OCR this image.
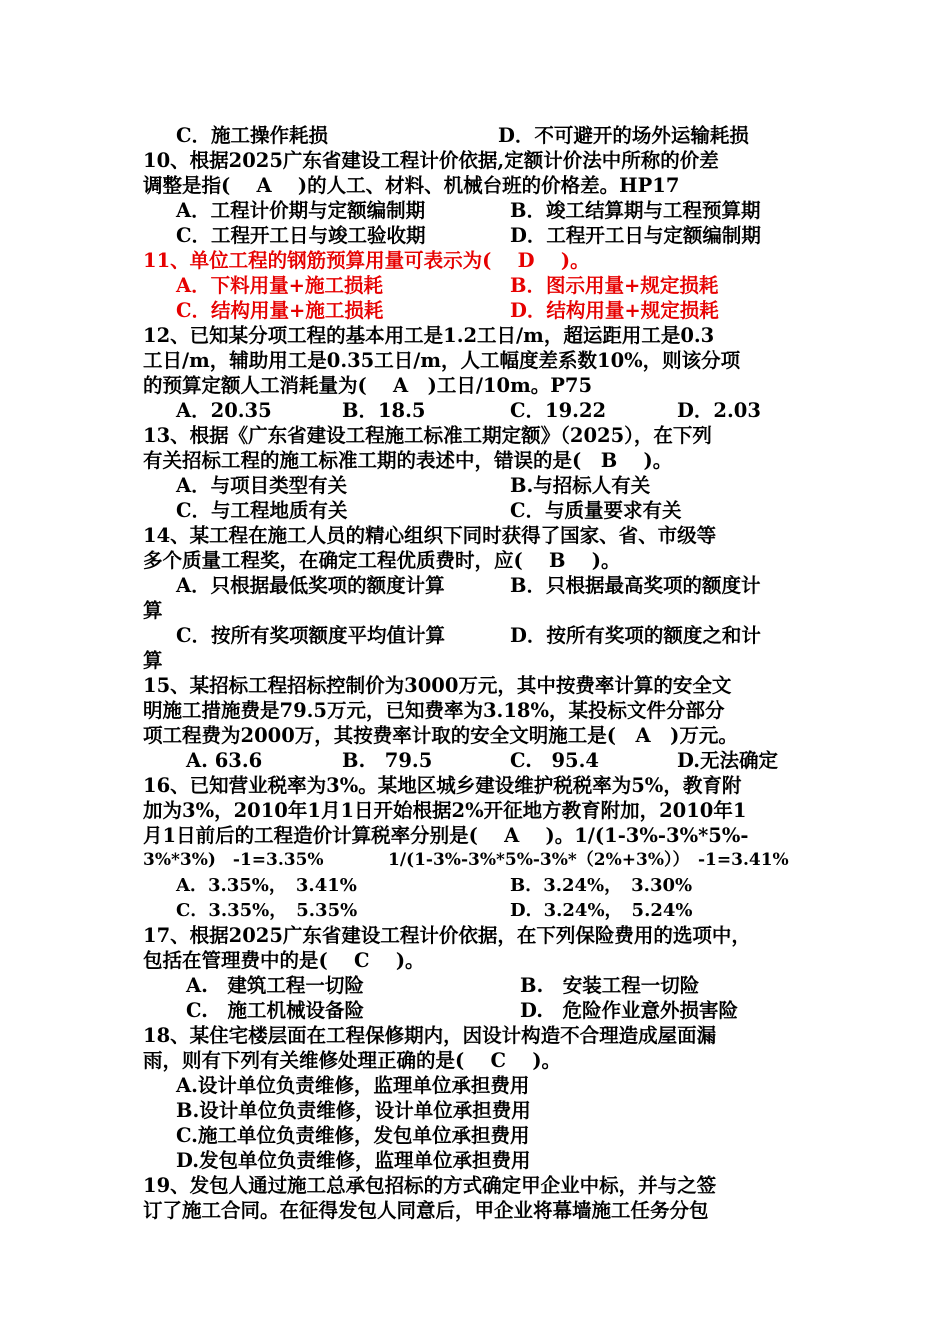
C．施工操作耗损	D．不可避开的场外运输耗损
10、根据2025广东省建设工程计价依据,定额计价法中所称的价差
调整是指(　 A　 )的人工、材料、机械台班的价格差。HP17
A．工程计价期与定额编制期	B．竣工结算期与工程预算期
C．工程开工日与竣工验收期	D．工程开工日与定额编制期
11、单位工程的钢筋预算用量可表示为(　 D　 )。
A．下料用量+施工损耗	B．图示用量+规定损耗
C．结构用量+施工损耗	D．结构用量+规定损耗
12、已知某分项工程的基本用工是1.2工日/m，超运距用工是0.3
工日/m，辅助用工是0.35工日/m，人工幅度差系数10%，则该分项
的预算定额人工消耗量为(　 A　)工日/10m。P75
A．20.35	B．18.5	C．19.22	D．2.03
13、根据《广东省建设工程施工标准工期定额》（2025），在下列
有关招标工程的施工标准工期的表述中，错误的是(　B　 )。
A．与项目类型有关	B.与招标人有关
C．与工程地质有关	C．与质量要求有关
14、某工程在施工人员的精心组织下同时获得了国家、省、市级等
多个质量工程奖，在确定工程优质费时，应(　 B　 )。
A．只根据最低奖项的额度计算	B．只根据最高奖项的额度计
算
C．按所有奖项额度平均值计算	D．按所有奖项的额度之和计
算
15、某招标工程招标控制价为3000万元，其中按费率计算的安全文
明施工措施费是79.5万元，已知费率为3.18%，某投标文件分部分
项工程费为2000万，其按费率计取的安全文明施工是(　A　)万元。
A. 63.6	B.　79.5	C.　95.4	D.无法确定
16、已知营业税率为3%。某地区城乡建设维护税税率为5%，教育附
加为3%，2010年1月1日开始根据2%开征地方教育附加，2010年1
月1日前后的工程造价计算税率分别是(　 A　 )。1/(1-3%-3%*5%-
3%*3%)　-1=3.35%	1/(1-3%-3%*5%-3%*（2%+3%））　-1=3.41%
A．3.35%，　3.41%	B．3.24%，　3.30%
C．3.35%，　5.35%	D．3.24%，　5.24%
17、根据2025广东省建设工程计价依据，在下列保险费用的选项中，
包括在管理费中的是(　 C　 )。
A.　建筑工程一切险	B.　安装工程一切险
C.　施工机械设备险	D.　危险作业意外损害险
18、某住宅楼层面在工程保修期内，因设计构造不合理造成屋面漏
雨，则有下列有关维修处理正确的是(　 C　 )。
A.设计单位负责维修，监理单位承担费用
B.设计单位负责维修，设计单位承担费用
C.施工单位负责维修，发包单位承担费用
D.发包单位负责维修，监理单位承担费用
19、发包人通过施工总承包招标的方式确定甲企业中标，并与之签
订了施工合同。在征得发包人同意后，甲企业将幕墙施工任务分包
